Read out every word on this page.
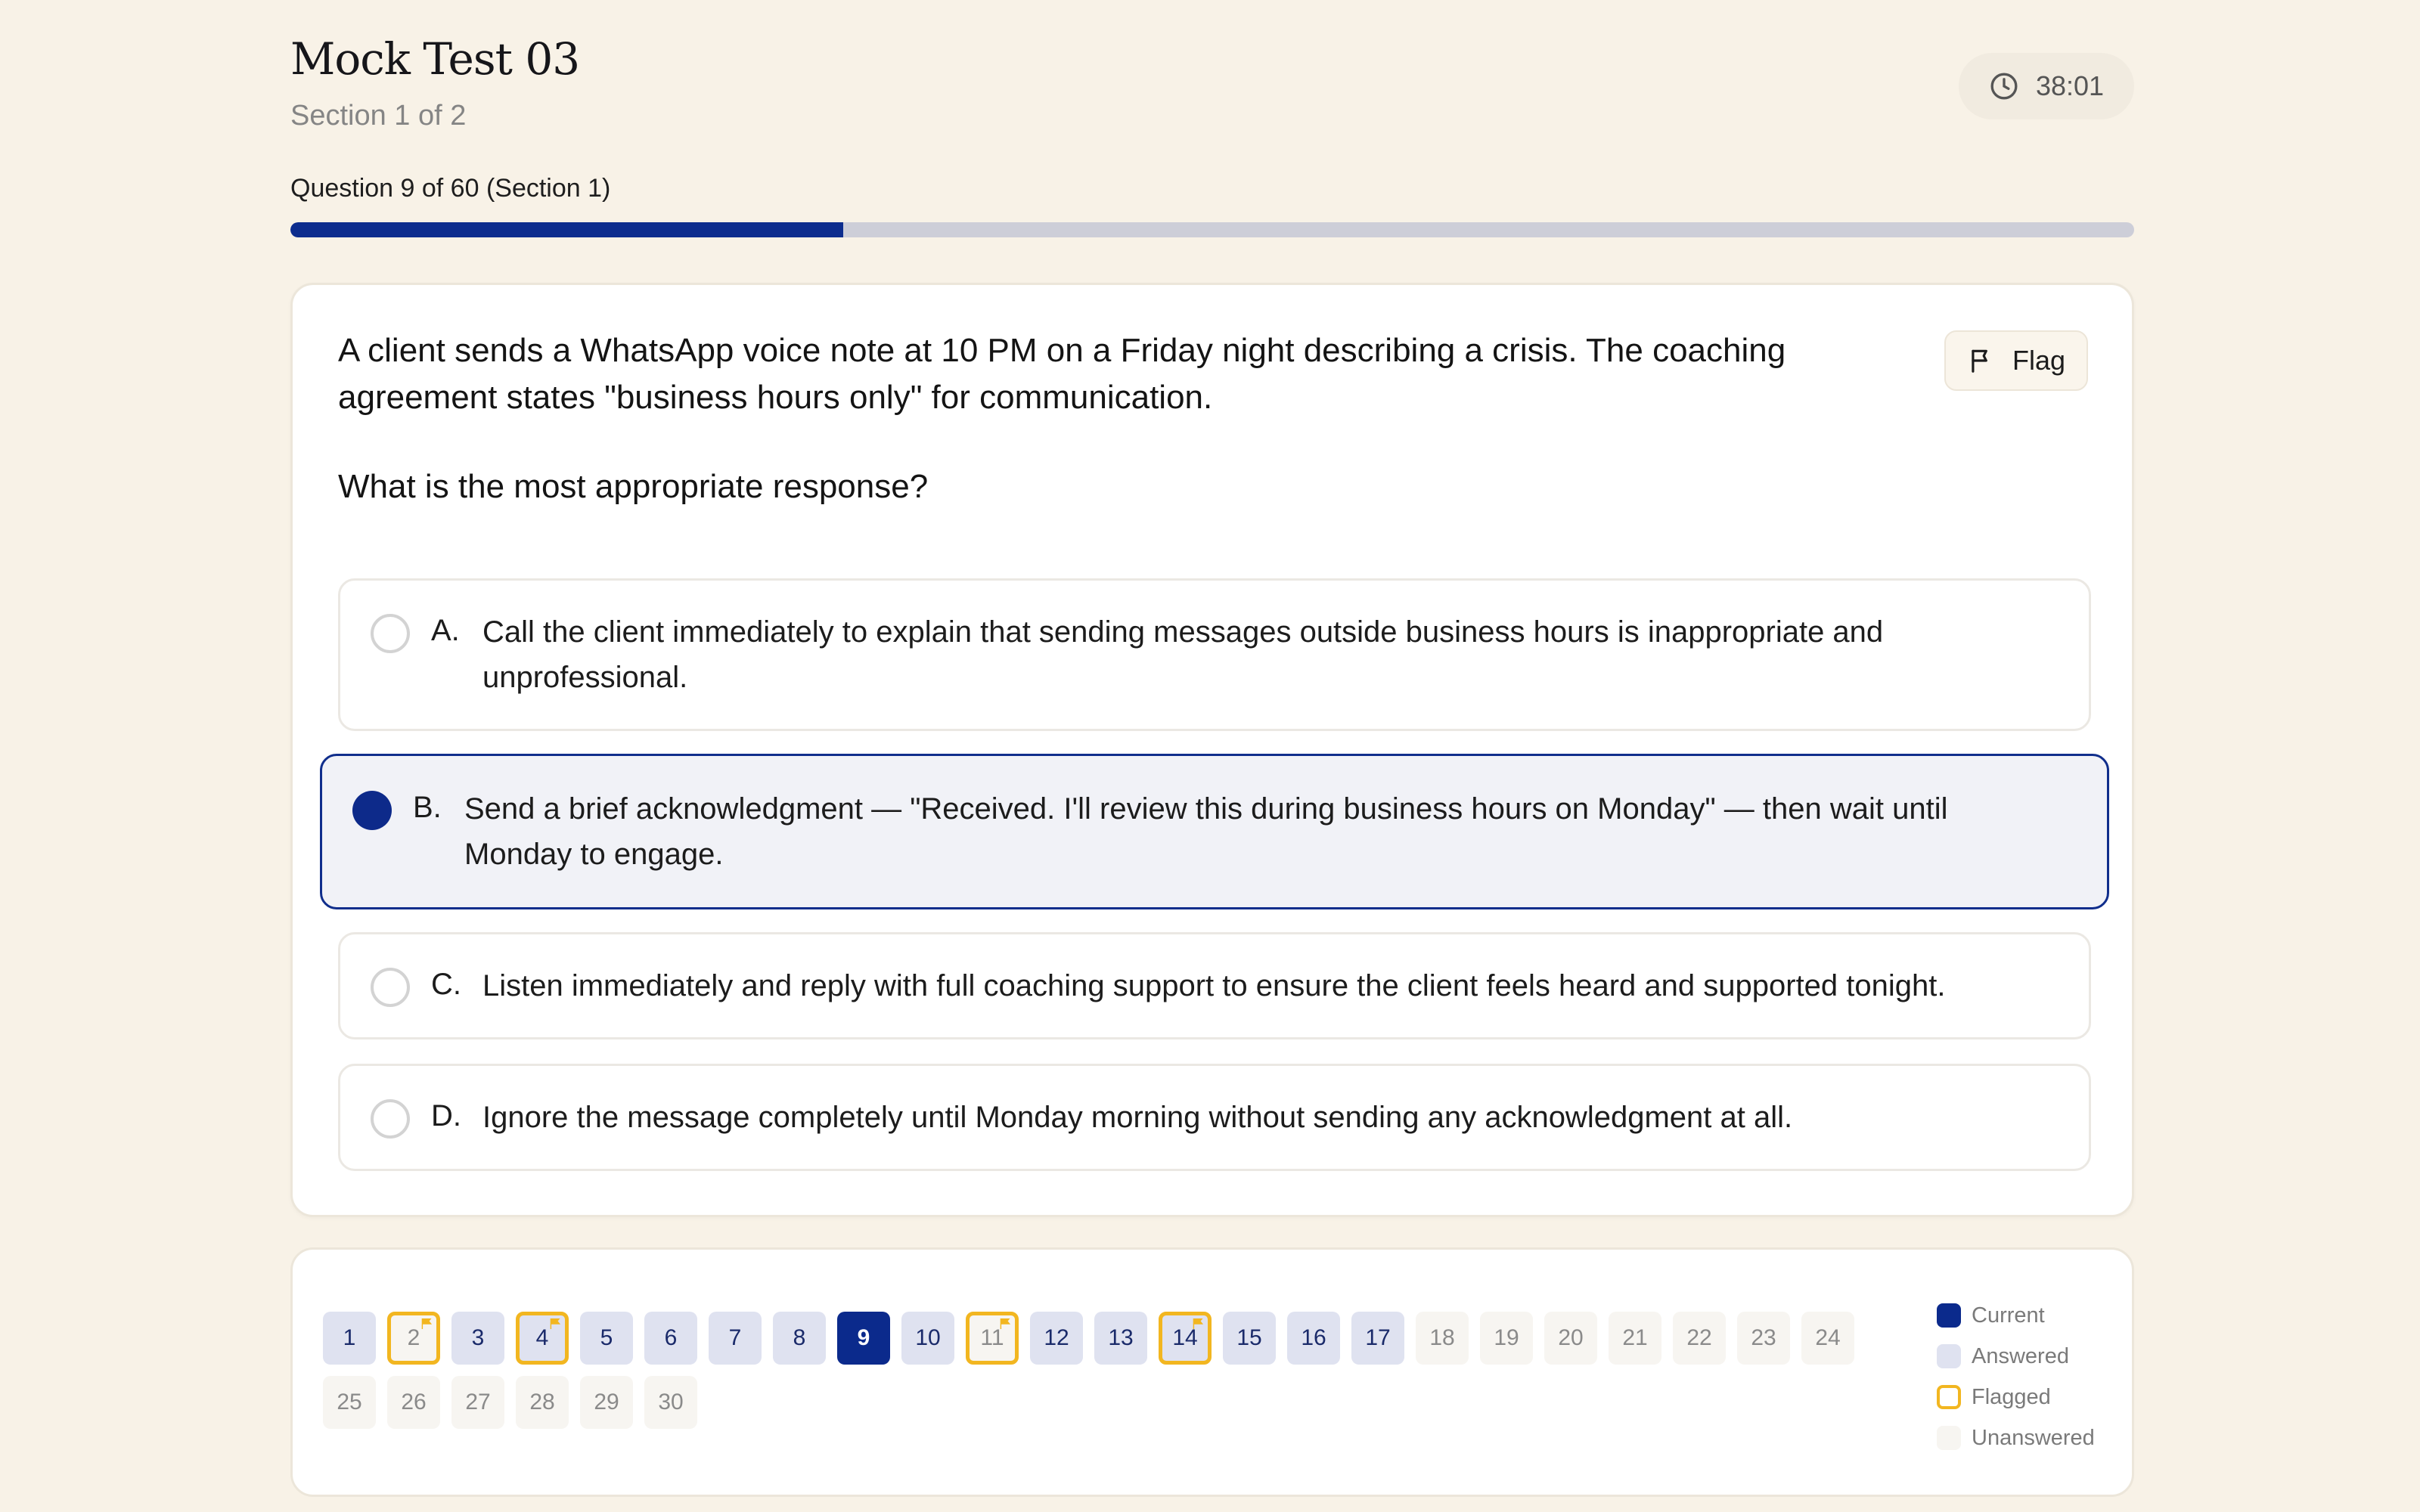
Mock Test 03
Section 1 of 2
38:01
Question 9 of 60 (Section 1)
A client sends a WhatsApp voice note at 10 PM on a Friday night describing a crisis. The coaching agreement states "business hours only" for communication.
What is the most appropriate response?
Flag
A. Call the client immediately to explain that sending messages outside business hours is inappropriate and unprofessional.
B. Send a brief acknowledgment — "Received. I'll review this during business hours on Monday" — then wait until Monday to engage.
C. Listen immediately and reply with full coaching support to ensure the client feels heard and supported tonight.
D. Ignore the message completely until Monday morning without sending any acknowledgment at all.
1 2 3 4 5 6 7 8 9 10 11 12 13 14 15 16 17 18 19 20 21 22 23 24
25 26 27 28 29 30
Current
Answered
Flagged
Unanswered
